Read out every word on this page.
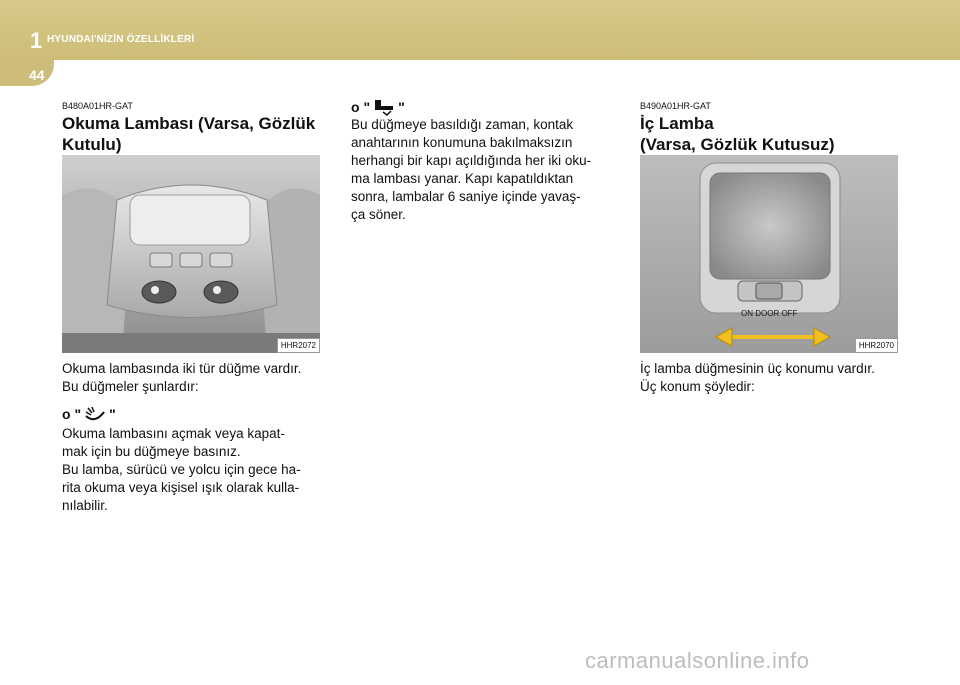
1 HYUNDAI'NİZİN ÖZELLİKLERİ
44

B480A01HR-GAT

Okuma Lambası (Varsa, Gözlük
Kutulu)

HHR2072

Okuma lambasında iki tür düğme vardır.
Bu düğmeler şunlardır:

o " "

Okuma lambasını açmak veya kapat-
mak için bu düğmeye basınız.
Bu lamba, sürücü ve yolcu için gece ha-
rita okuma veya kişisel ışık olarak kulla-
nılabilir.

o " "

Bu düğmeye basıldığı zaman, kontak
anahtarının konumuna bakılmaksızın
herhangi bir kapı açıldığında her iki oku-
ma lambası yanar. Kapı kapatıldıktan
sonra, lambalar 6 saniye içinde yavaş-
ça söner.

B490A01HR-GAT

İç Lamba
(Varsa, Gözlük Kutusuz)

ON DOOR OFF
HHR2070

İç lamba düğmesinin üç konumu vardır.
Üç konum şöyledir:

carmanualsonline.info
